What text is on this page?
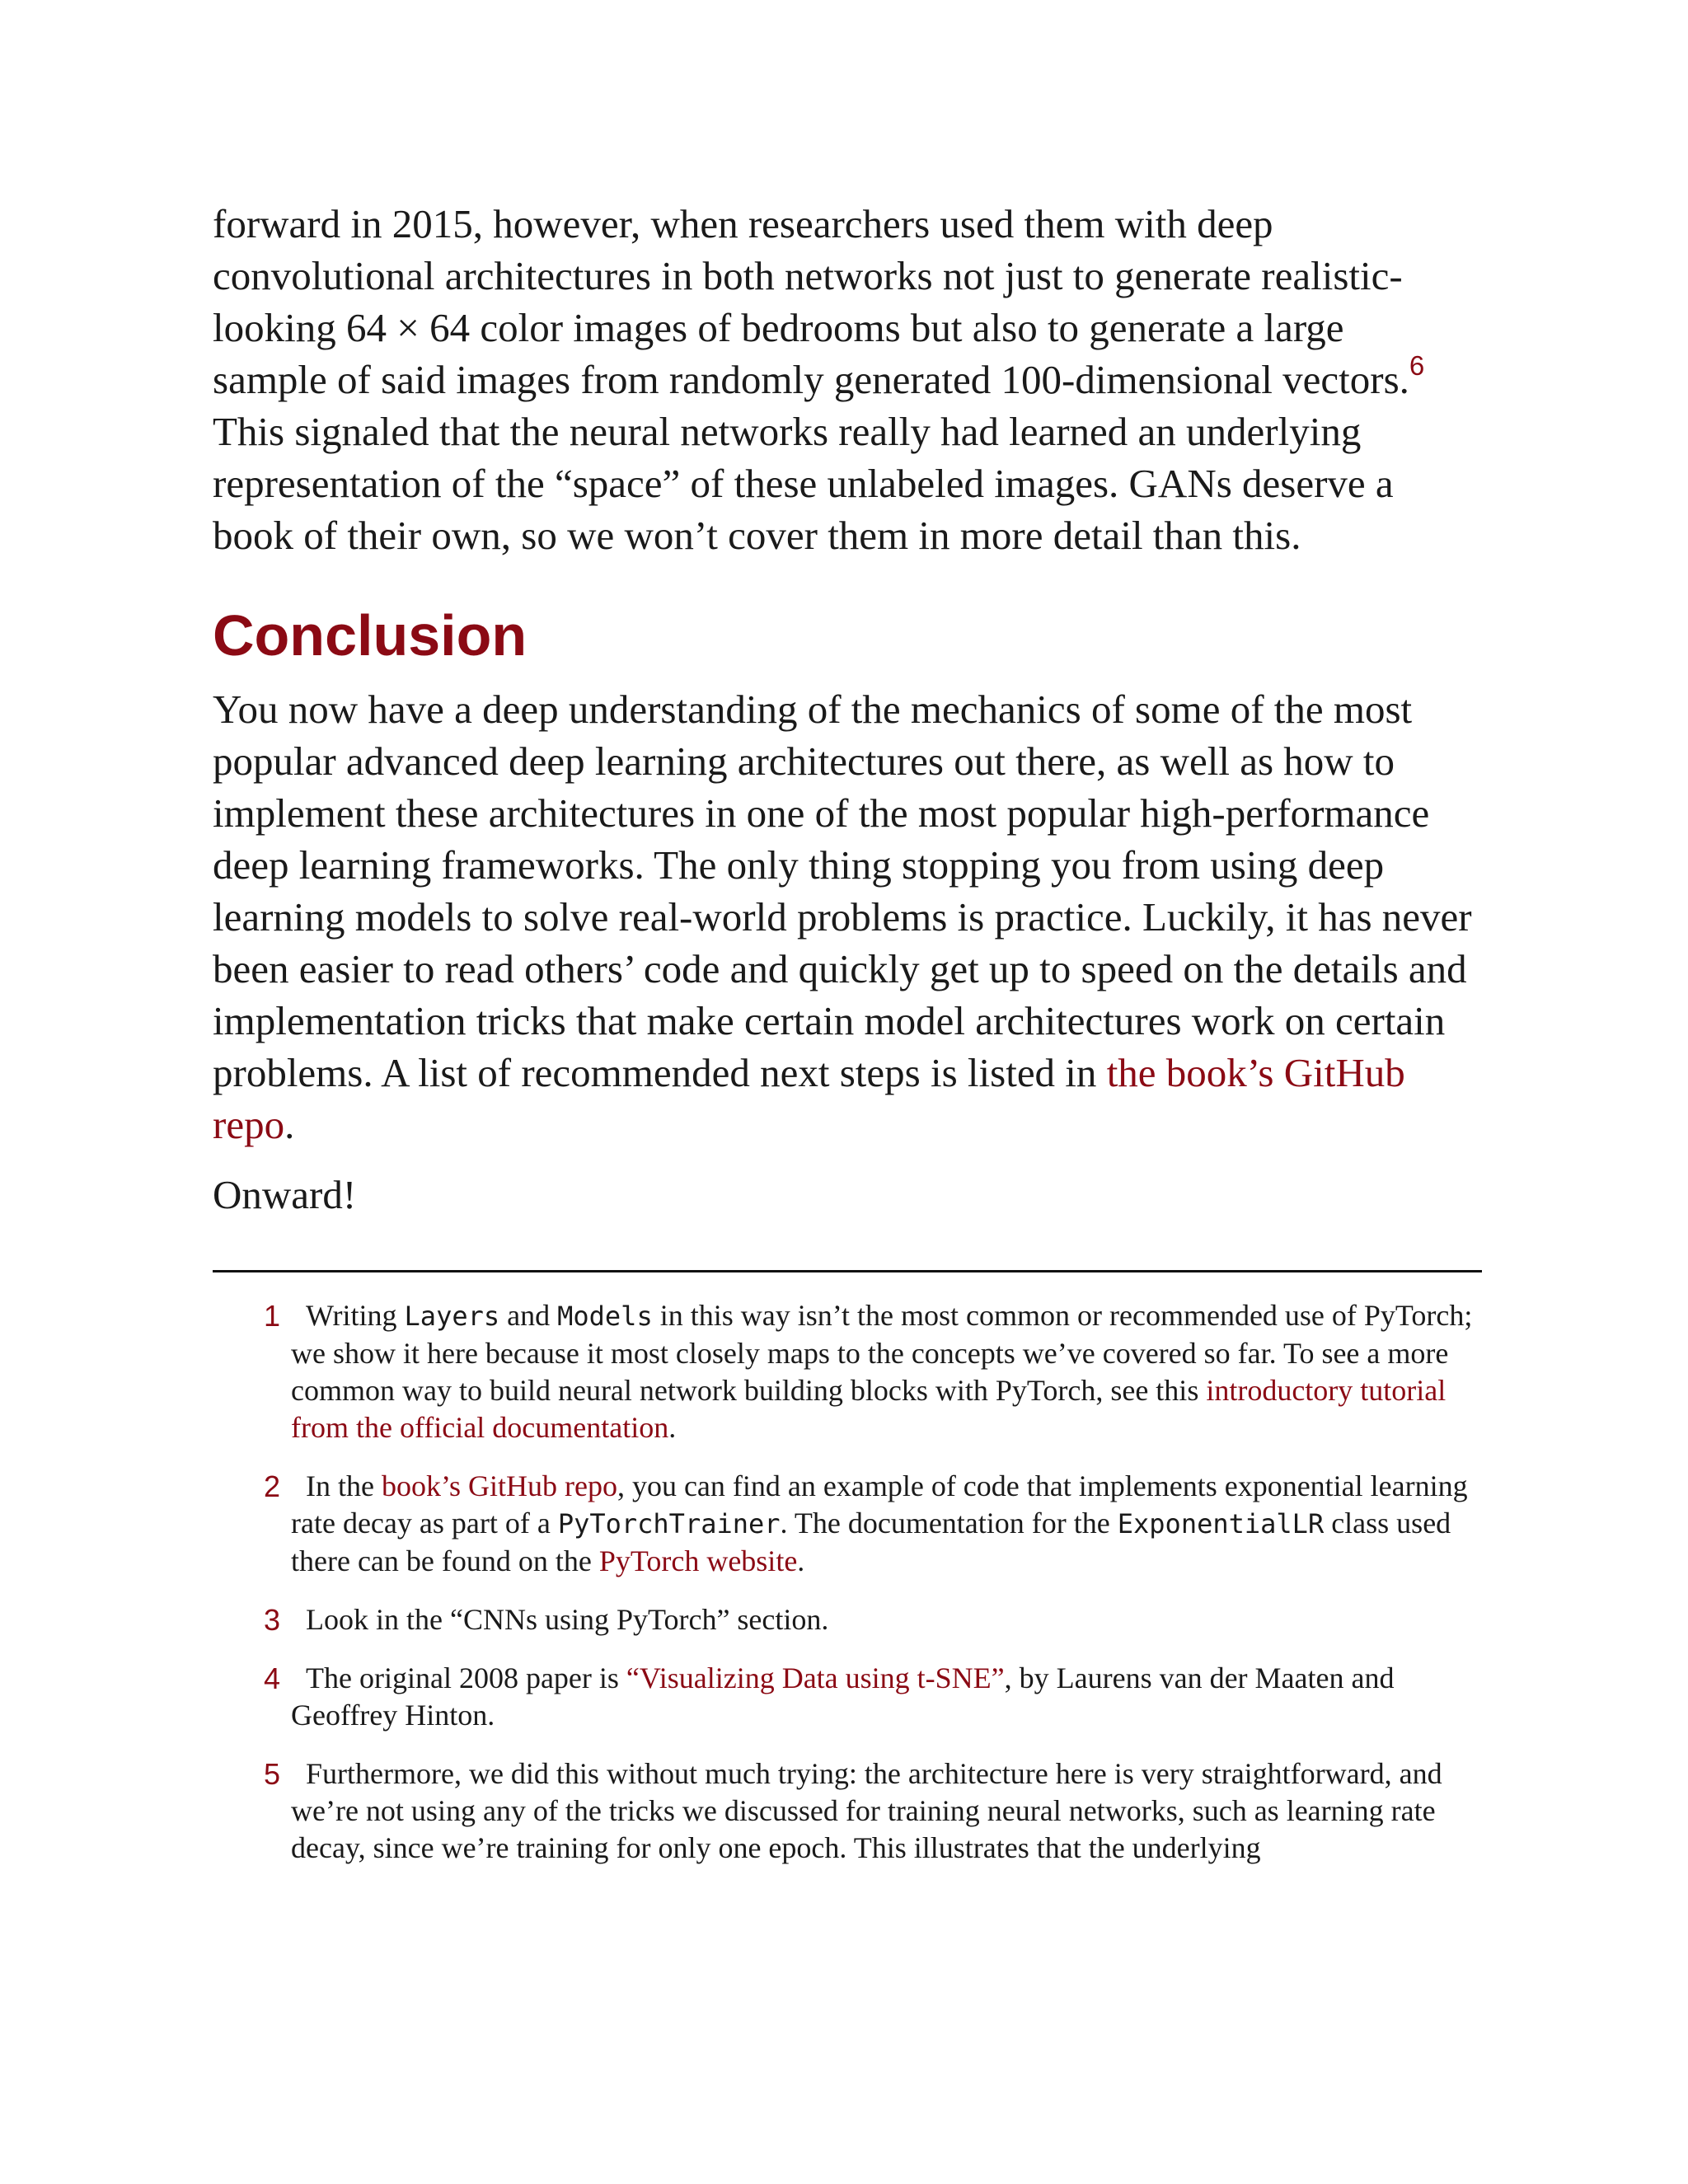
forward in 2015, however, when researchers used them with deep
convolutional architectures in both networks not just to generate realistic-
looking 64 × 64 color images of bedrooms but also to generate a large
sample of said images from randomly generated 100-dimensional vectors.$^6$
This signaled that the neural networks really had learned an underlying
representation of the “space” of these unlabeled images. GANs deserve a
book of their own, so we won’t cover them in more detail than this.
Conclusion

You now have a deep understanding of the mechanics of some of the most popular advanced deep learning architectures out there, as well as how to implement these architectures in one of the most popular high-performance deep learning frameworks. The only thing stopping you from using deep learning models to solve real-world problems is practice. Luckily, it has never been easier to read others’ code and quickly get up to speed on the details and implementation tricks that make certain model architectures work on certain problems. A list of recommended next steps is listed in the book’s GitHub repo.

Onward!

1 Writing Layers and Models in this way isn’t the most common or recommended use of PyTorch; we show it here because it most closely maps to the concepts we’ve covered so far. To see a more common way to build neural network building blocks with PyTorch, see this introductory tutorial from the official documentation.

2 In the book’s GitHub repo, you can find an example of code that implements exponential learning rate decay as part of a PyTorchTrainer. The documentation for the ExponentialLR class used there can be found on the PyTorch website.

3 Look in the “CNNs using PyTorch” section.

4 The original 2008 paper is “Visualizing Data using t-SNE”, by Laurens van der Maaten and Geoffrey Hinton.

5 Furthermore, we did this without much trying: the architecture here is very straightforward, and we’re not using any of the tricks we discussed for training neural networks, such as learning rate decay, since we’re training for only one epoch. This illustrates that the underlying
